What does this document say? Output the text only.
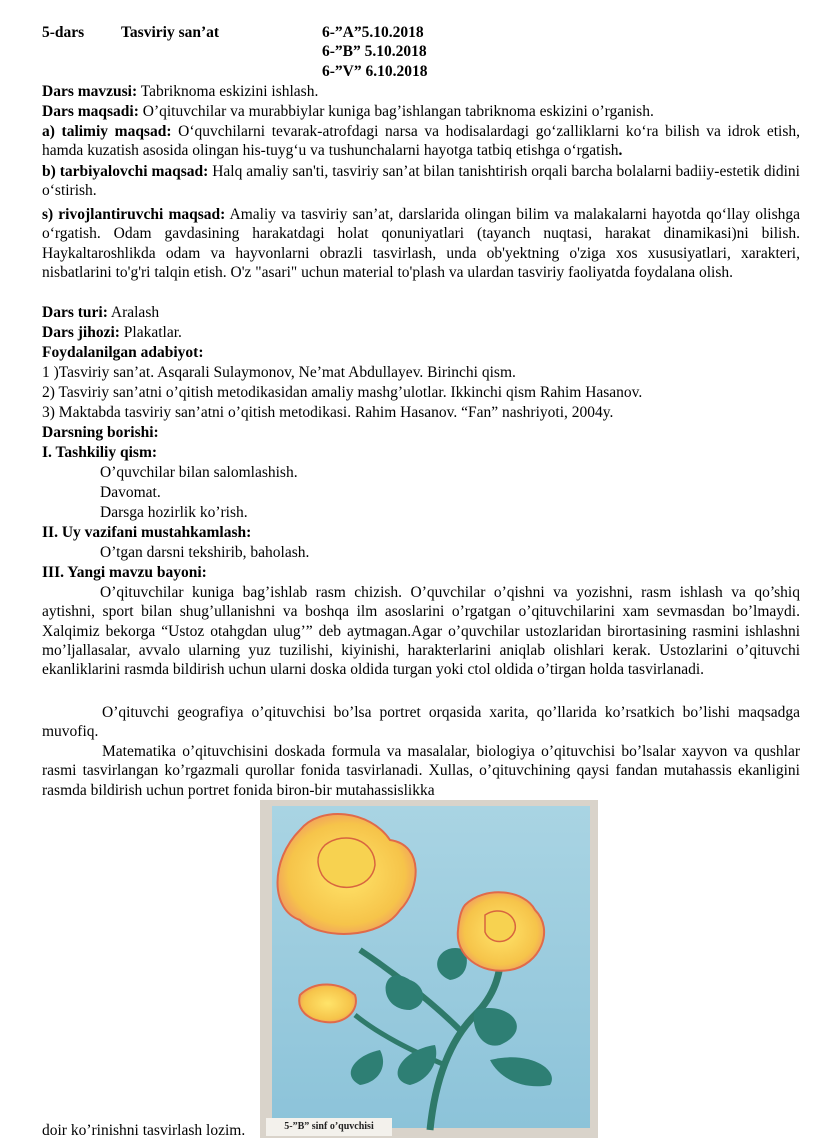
5-dars Tasviriy san’at	6-”A”5.10.2018
6-”B” 5.10.2018
6-”V” 6.10.2018
Dars mavzusi: Tabriknoma eskizini ishlash.
Dars maqsadi: O’qituvchilar va murabbiylar kuniga bag’ishlangan tabriknoma eskizini o’rganish.
a) talimiy maqsad: O‘quvchilarni tevarak-atrofdagi narsa va hodisalardagi go‘zalliklarni ko‘ra bilish va idrok etish, hamda kuzatish asosida olingan his-tuyg‘u va tushunchalarni hayotga tatbiq etishga o‘rgatish.
b) tarbiyalovchi maqsad: Halq amaliy san'ti, tasviriy san’at bilan tanishtirish orqali barcha bolalarni badiiy-estetik didini o‘stirish.
s) rivojlantiruvchi maqsad: Amaliy va tasviriy san’at, darslarida olingan bilim va malakalarni hayotda qo‘llay olishga o‘rgatish. Odam gavdasining harakatdagi holat qonuniyatlari (tayanch nuqtasi, harakat dinamikasi)ni bilish. Haykaltaroshlikda odam va hayvonlarni obrazli tasvirlash, unda ob'yektning o'ziga xos xususiyatlari, xarakteri, nisbatlarini to'g'ri talqin etish. O'z "asari" uchun material to'plash va ulardan tasviriy faoliyatda foydalana olish.
Dars turi: Aralash
Dars jihozi: Plakatlar.
Foydalanilgan adabiyot:
1 )Tasviriy san’at. Asqarali Sulaymonov, Ne’mat Abdullayev. Birinchi qism.
2) Tasviriy san’atni o’qitish metodikasidan amaliy mashg’ulotlar. Ikkinchi qism Rahim Hasanov.
3) Maktabda tasviriy san’atni o’qitish metodikasi. Rahim Hasanov. “Fan” nashriyoti, 2004y.
Darsning borishi:
I. Tashkiliy qism:
O’quvchilar bilan salomlashish.
Davomat.
Darsga hozirlik ko’rish.
II. Uy vazifani mustahkamlash:
O’tgan darsni tekshirib, baholash.
III. Yangi mavzu bayoni:
O’qituvchilar kuniga bag’ishlab rasm chizish. O’quvchilar o’qishni va yozishni, rasm ishlash va qo’shiq aytishni, sport bilan shug’ullanishni va boshqa ilm asoslarini o’rgatgan o’qituvchilarini xam sevmasdan bo’lmaydi. Xalqimiz bekorga “Ustoz otahgdan ulug’” deb aytmagan.Agar o’quvchilar ustozlaridan birortasining rasmini ishlashni mo’ljallasalar, avvalo ularning yuz tuzilishi, kiyinishi, harakterlarini aniqlab olishlari kerak. Ustozlarini o’qituvchi ekanliklarini rasmda bildirish uchun ularni doska oldida turgan yoki ctol oldida o’tirgan holda tasvirlanadi.
O’qituvchi geografiya o’qituvchisi bo’lsa portret orqasida xarita, qo’llarida ko’rsatkich bo’lishi maqsadga muvofiq.
Matematika o’qituvchisini doskada formula va masalalar, biologiya o’qituvchisi bo’lsalar xayvon va qushlar rasmi tasvirlangan ko’rgazmali qurollar fonida tasvirlanadi. Xullas, o’qituvchining qaysi fandan mutahassis ekanligini rasmda bildirish uchun portret fonida biron-bir mutahassislikka
5-”B” sinf o’quvchisi
doir ko’rinishni tasvirlash lozim.
